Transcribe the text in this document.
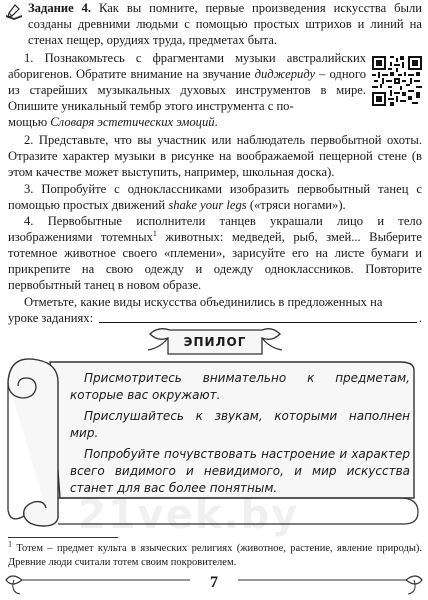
Задание 4. Как вы помните, первые произведения искусства были созданы древними людьми с помощью простых штрихов и линий на стенах пещер, орудиях труда, предметах быта.
1. Познакомьтесь с фрагментами музыки австралийских аборигенов. Обратите внимание на звучание диджериду – одного из старейших музыкальных духовых инструментов в мире. Опишите уникальный тембр этого инструмента с по-
мощью Словаря эстетических эмоций.
2. Представьте, что вы участник или наблюдатель первобытной охоты. Отразите характер музыки в рисунке на воображаемой пещерной стене (в этом качестве может выступить, например, школьная доска).
3. Попробуйте с одноклассниками изобразить первобытный танец с помощью простых движений shake your legs («тряси ногами»).
4. Первобытные исполнители танцев украшали лицо и тело изображениями тотемных$^1$ животных: медведей, рыб, змей... Выберите тотемное животное своего «племени», зарисуйте его на листе бумаги и прикрепите на свою одежду и одежду одноклассников. Повторите первобытный танец в новом образе.
Отметьте, какие виды искусства объединились в предложенных на
уроке заданиях:	.
ЭПИЛОГ
Присмотритесь внимательно к предметам, которые вас окружают.
Прислушайтесь к звукам, которыми наполнен мир.
Попробуйте почувствовать настроение и характер всего видимого и невидимого, и мир искусства станет для вас более понятным.
21vek.by
$^1$ Тотем – предмет культа в языческих религиях (животное, растение, явление природы). Древние люди считали тотем своим покровителем.
7
